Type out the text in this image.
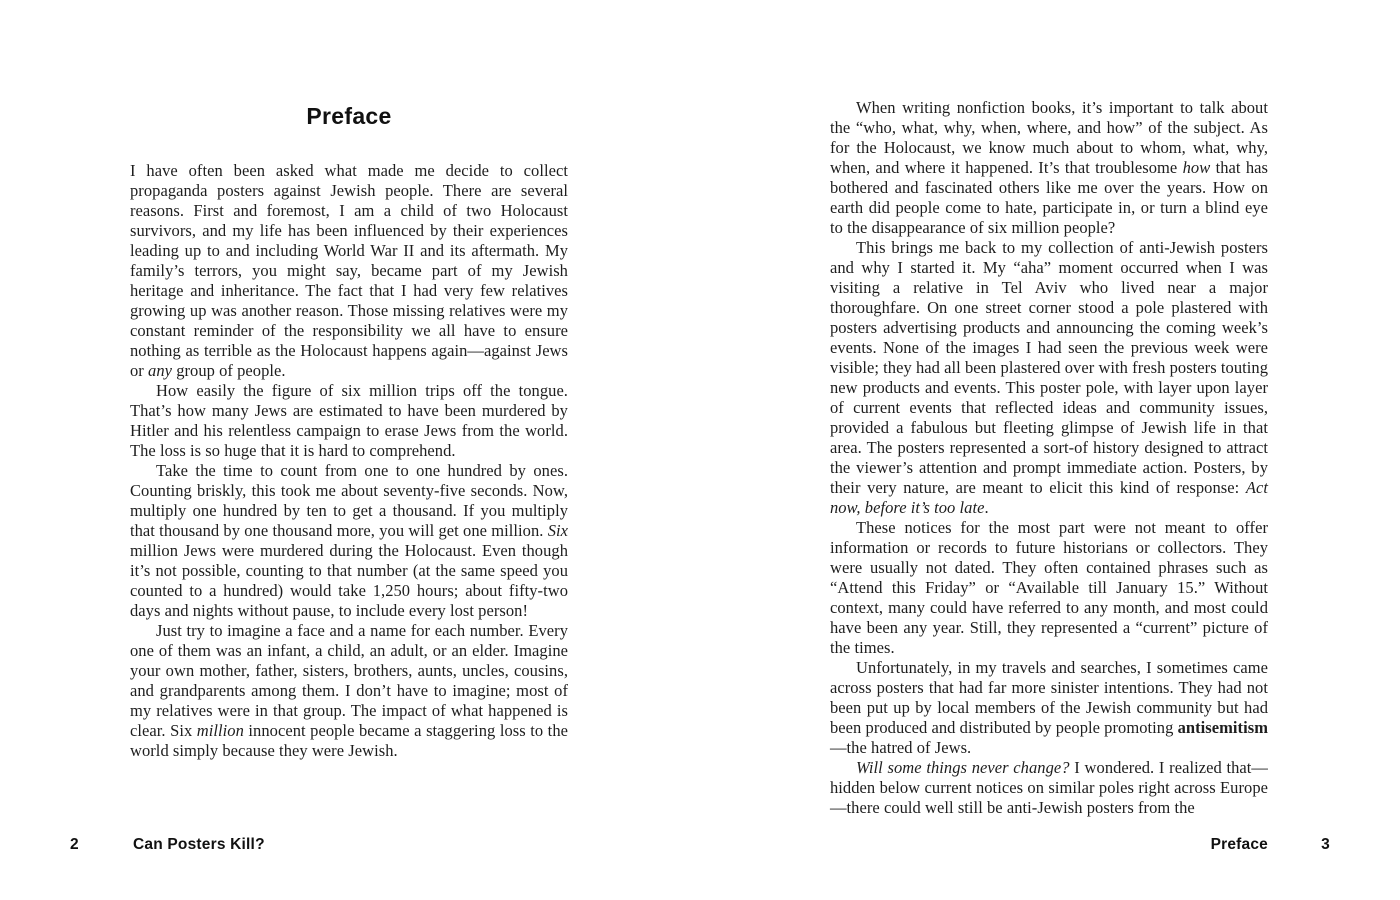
Preface

I have often been asked what made me decide to collect propaganda posters against Jewish people. There are several reasons. First and foremost, I am a child of two Holocaust survivors, and my life has been influenced by their experiences leading up to and including World War II and its aftermath. My family’s terrors, you might say, became part of my Jewish heritage and inheritance. The fact that I had very few relatives growing up was another reason. Those missing relatives were my constant reminder of the responsibility we all have to ensure nothing as terrible as the Holocaust happens again—against Jews or any group of people.

How easily the figure of six million trips off the tongue. That’s how many Jews are estimated to have been murdered by Hitler and his relentless campaign to erase Jews from the world. The loss is so huge that it is hard to comprehend.

Take the time to count from one to one hundred by ones. Counting briskly, this took me about seventy-five seconds. Now, multiply one hundred by ten to get a thousand. If you multiply that thousand by one thousand more, you will get one million. Six million Jews were murdered during the Holocaust. Even though it’s not possible, counting to that number (at the same speed you counted to a hundred) would take 1,250 hours; about fifty-two days and nights without pause, to include every lost person!

Just try to imagine a face and a name for each number. Every one of them was an infant, a child, an adult, or an elder. Imagine your own mother, father, sisters, brothers, aunts, uncles, cousins, and grandparents among them. I don’t have to imagine; most of my relatives were in that group. The impact of what happened is clear. Six million innocent people became a staggering loss to the world simply because they were Jewish.

When writing nonfiction books, it’s important to talk about the “who, what, why, when, where, and how” of the subject. As for the Holocaust, we know much about to whom, what, why, when, and where it happened. It’s that troublesome how that has bothered and fascinated others like me over the years. How on earth did people come to hate, participate in, or turn a blind eye to the disappearance of six million people?

This brings me back to my collection of anti-Jewish posters and why I started it. My “aha” moment occurred when I was visiting a relative in Tel Aviv who lived near a major thoroughfare. On one street corner stood a pole plastered with posters advertising products and announcing the coming week’s events. None of the images I had seen the previous week were visible; they had all been plastered over with fresh posters touting new products and events. This poster pole, with layer upon layer of current events that reflected ideas and community issues, provided a fabulous but fleeting glimpse of Jewish life in that area. The posters represented a sort-of history designed to attract the viewer’s attention and prompt immediate action. Posters, by their very nature, are meant to elicit this kind of response: Act now, before it’s too late.

These notices for the most part were not meant to offer information or records to future historians or collectors. They were usually not dated. They often contained phrases such as “Attend this Friday” or “Available till January 15.” Without context, many could have referred to any month, and most could have been any year. Still, they represented a “current” picture of the times.

Unfortunately, in my travels and searches, I sometimes came across posters that had far more sinister intentions. They had not been put up by local members of the Jewish community but had been produced and distributed by people promoting antisemitism—the hatred of Jews.

Will some things never change? I wondered. I realized that—hidden below current notices on similar poles right across Europe—there could well still be anti-Jewish posters from the

2	Can Posters Kill?	Preface	3
